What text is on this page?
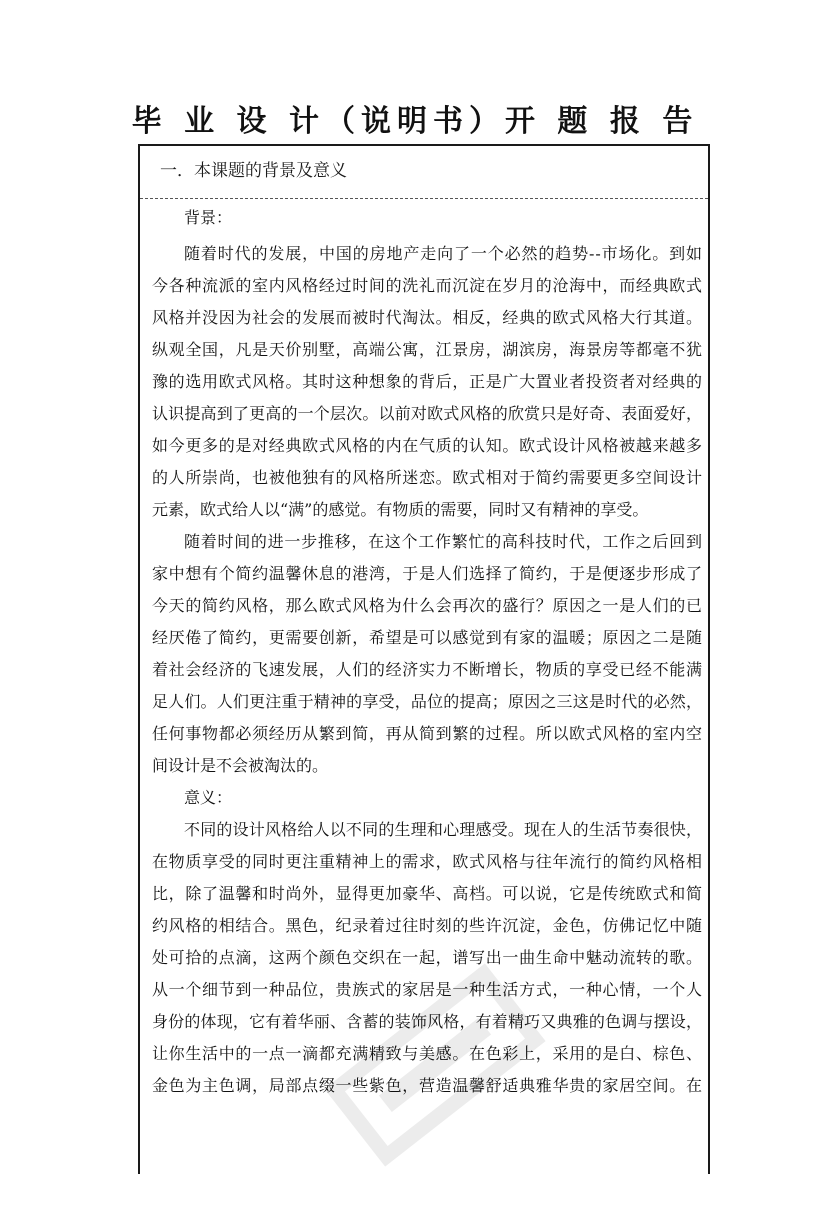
毕 业 设 计（说明书）开 题 报 告
一．本课题的背景及意义
背景：
随着时代的发展，中国的房地产走向了一个必然的趋势--市场化。到如
今各种流派的室内风格经过时间的洗礼而沉淀在岁月的沧海中，而经典欧式
风格并没因为社会的发展而被时代淘汰。相反，经典的欧式风格大行其道。
纵观全国，凡是天价别墅，高端公寓，江景房，湖滨房，海景房等都毫不犹
豫的选用欧式风格。其时这种想象的背后，正是广大置业者投资者对经典的
认识提高到了更高的一个层次。以前对欧式风格的欣赏只是好奇、表面爱好，
如今更多的是对经典欧式风格的内在气质的认知。欧式设计风格被越来越多
的人所崇尚，也被他独有的风格所迷恋。欧式相对于简约需要更多空间设计
元素，欧式给人以“满”的感觉。有物质的需要，同时又有精神的享受。
随着时间的进一步推移，在这个工作繁忙的高科技时代，工作之后回到
家中想有个简约温馨休息的港湾，于是人们选择了简约，于是便逐步形成了
今天的简约风格，那么欧式风格为什么会再次的盛行？原因之一是人们的已
经厌倦了简约，更需要创新，希望是可以感觉到有家的温暖；原因之二是随
着社会经济的飞速发展，人们的经济实力不断增长，物质的享受已经不能满
足人们。人们更注重于精神的享受，品位的提高；原因之三这是时代的必然，
任何事物都必须经历从繁到简，再从简到繁的过程。所以欧式风格的室内空
间设计是不会被淘汰的。
意义：
不同的设计风格给人以不同的生理和心理感受。现在人的生活节奏很快，
在物质享受的同时更注重精神上的需求，欧式风格与往年流行的简约风格相
比，除了温馨和时尚外，显得更加豪华、高档。可以说，它是传统欧式和简
约风格的相结合。黑色，纪录着过往时刻的些许沉淀，金色，仿佛记忆中随
处可拾的点滴，这两个颜色交织在一起，谱写出一曲生命中魅动流转的歌。
从一个细节到一种品位，贵族式的家居是一种生活方式，一种心情，一个人
身份的体现，它有着华丽、含蓄的装饰风格，有着精巧又典雅的色调与摆设，
让你生活中的一点一滴都充满精致与美感。在色彩上，采用的是白、棕色、
金色为主色调，局部点缀一些紫色，营造温馨舒适典雅华贵的家居空间。在
